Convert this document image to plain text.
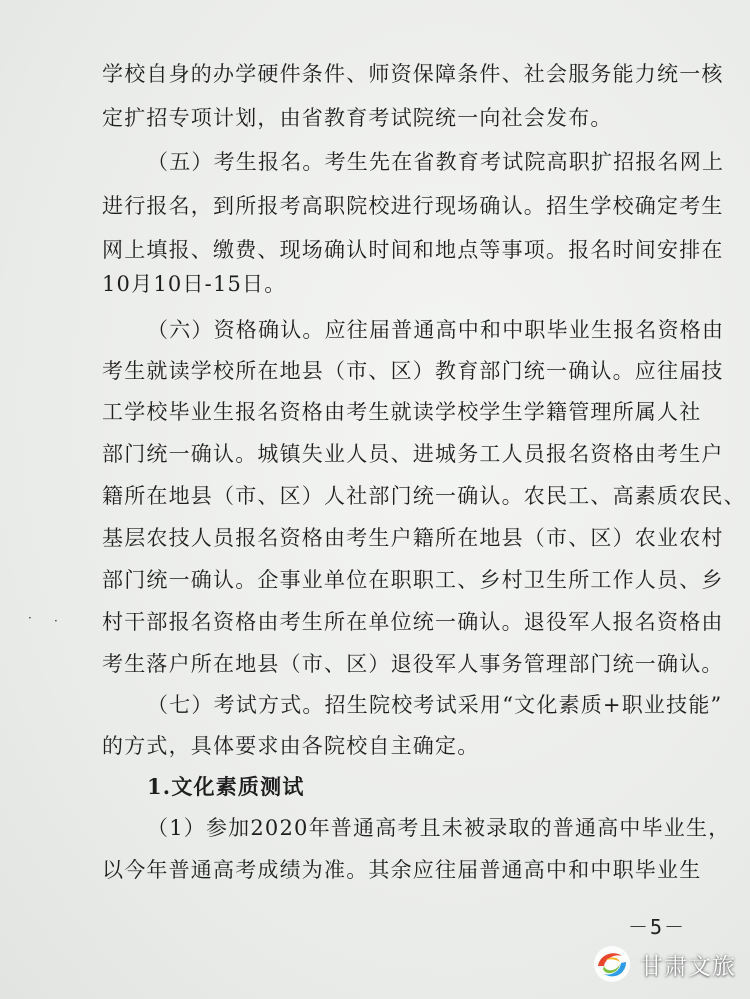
学校自身的办学硬件条件、师资保障条件、社会服务能力统一核
定扩招专项计划，由省教育考试院统一向社会发布。
（五）考生报名。考生先在省教育考试院高职扩招报名网上
进行报名，到所报考高职院校进行现场确认。招生学校确定考生
网上填报、缴费、现场确认时间和地点等事项。报名时间安排在
10月10日-15日。
（六）资格确认。应往届普通高中和中职毕业生报名资格由
考生就读学校所在地县（市、区）教育部门统一确认。应往届技
工学校毕业生报名资格由考生就读学校学生学籍管理所属人社
部门统一确认。城镇失业人员、进城务工人员报名资格由考生户
籍所在地县（市、区）人社部门统一确认。农民工、高素质农民、
基层农技人员报名资格由考生户籍所在地县（市、区）农业农村
部门统一确认。企事业单位在职职工、乡村卫生所工作人员、乡
村干部报名资格由考生所在单位统一确认。退役军人报名资格由
考生落户所在地县（市、区）退役军人事务管理部门统一确认。
（七）考试方式。招生院校考试采用“文化素质+职业技能”
的方式，具体要求由各院校自主确定。
1.文化素质测试
（1）参加2020年普通高考且未被录取的普通高中毕业生，
以今年普通高考成绩为准。其余应往届普通高中和中职毕业生
－5－
· ·
甘肃文旅
